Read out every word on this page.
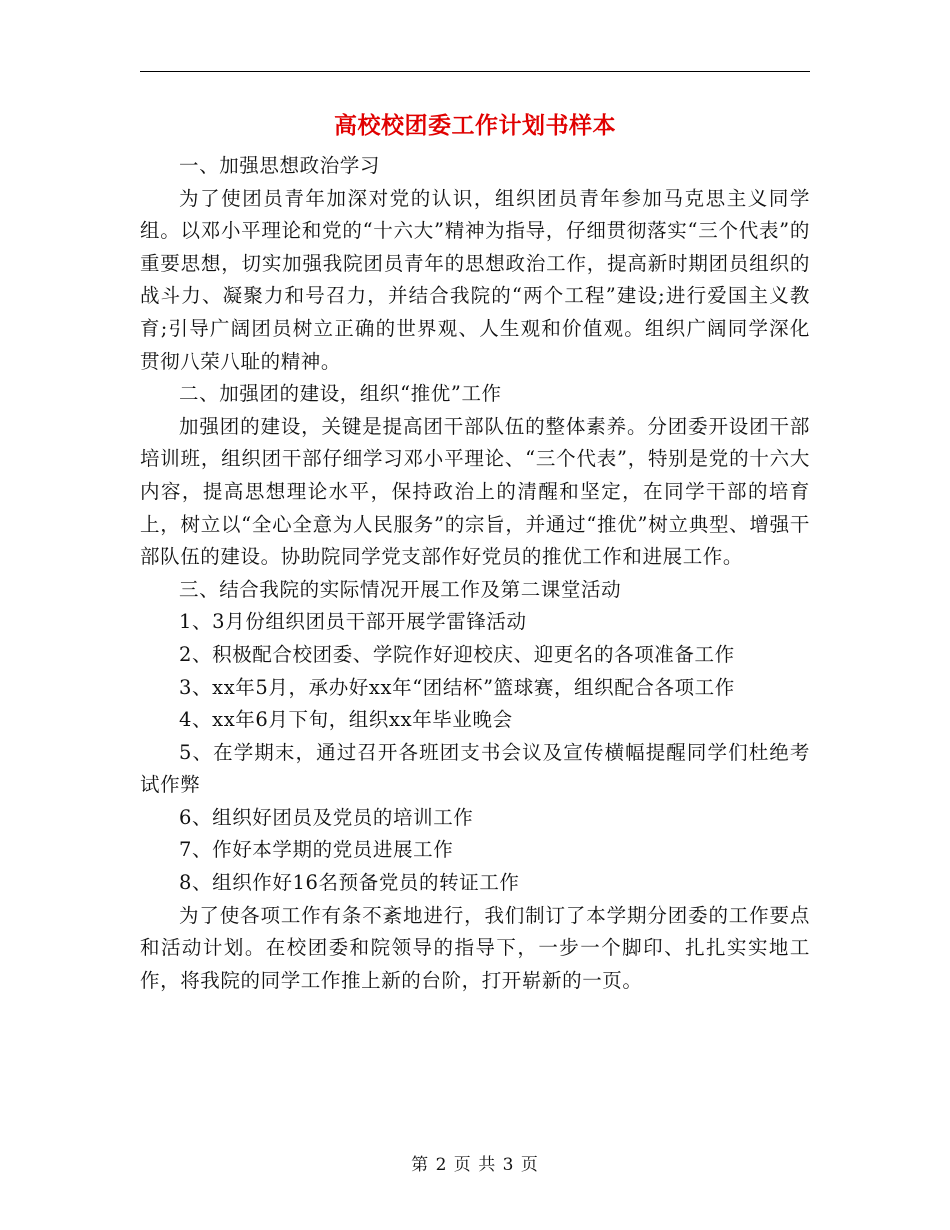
高校校团委工作计划书样本

一、加强思想政治学习

为了使团员青年加深对党的认识，组织团员青年参加马克思主义同学组。以邓小平理论和党的“十六大”精神为指导，仔细贯彻落实“三个代表”的重要思想，切实加强我院团员青年的思想政治工作，提高新时期团员组织的战斗力、凝聚力和号召力，并结合我院的“两个工程”建设;进行爱国主义教育;引导广阔团员树立正确的世界观、人生观和价值观。组织广阔同学深化贯彻八荣八耻的精神。

二、加强团的建设，组织“推优”工作

加强团的建设，关键是提高团干部队伍的整体素养。分团委开设团干部培训班，组织团干部仔细学习邓小平理论、“三个代表”，特别是党的十六大内容，提高思想理论水平，保持政治上的清醒和坚定，在同学干部的培育上，树立以“全心全意为人民服务”的宗旨，并通过“推优”树立典型、增强干部队伍的建设。协助院同学党支部作好党员的推优工作和进展工作。

三、结合我院的实际情况开展工作及第二课堂活动

1、3月份组织团员干部开展学雷锋活动

2、积极配合校团委、学院作好迎校庆、迎更名的各项准备工作

3、xx年5月，承办好xx年“团结杯”篮球赛，组织配合各项工作

4、xx年6月下旬，组织xx年毕业晚会

5、在学期末，通过召开各班团支书会议及宣传横幅提醒同学们杜绝考试作弊

6、组织好团员及党员的培训工作

7、作好本学期的党员进展工作

8、组织作好16名预备党员的转证工作

为了使各项工作有条不紊地进行，我们制订了本学期分团委的工作要点和活动计划。在校团委和院领导的指导下，一步一个脚印、扎扎实实地工作，将我院的同学工作推上新的台阶，打开崭新的一页。

第 2 页 共 3 页
